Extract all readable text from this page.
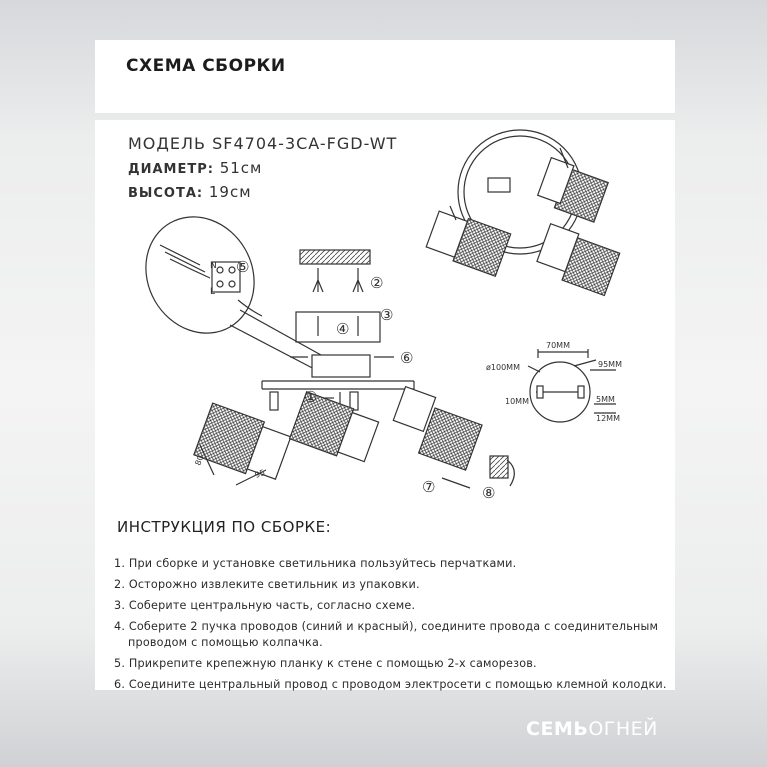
СХЕМА СБОРКИ
МОДЕЛЬ SF4704-3CA-FGD-WT
ДИАМЕТР: 51см
ВЫСОТА: 19см
70MM
ø100MM	95MM
10MM	5MM
12MM
80
95
N
L
①
②
③
④
⑤
⑥
⑦	⑧
ИНСТРУКЦИЯ ПО СБОРКЕ:
1. При сборке и установке светильника пользуйтесь перчатками.
2. Осторожно извлеките светильник из упаковки.
3. Соберите центральную часть, согласно схеме.
4. Соберите 2 пучка проводов (синий и красный), соедините провода с соединительным
проводом с помощью колпачка.
5. Прикрепите крепежную планку к стене с помощью 2-х саморезов.
6. Соедините центральный провод с проводом электросети с помощью клемной колодки.
СЕМЬОГНЕЙ
